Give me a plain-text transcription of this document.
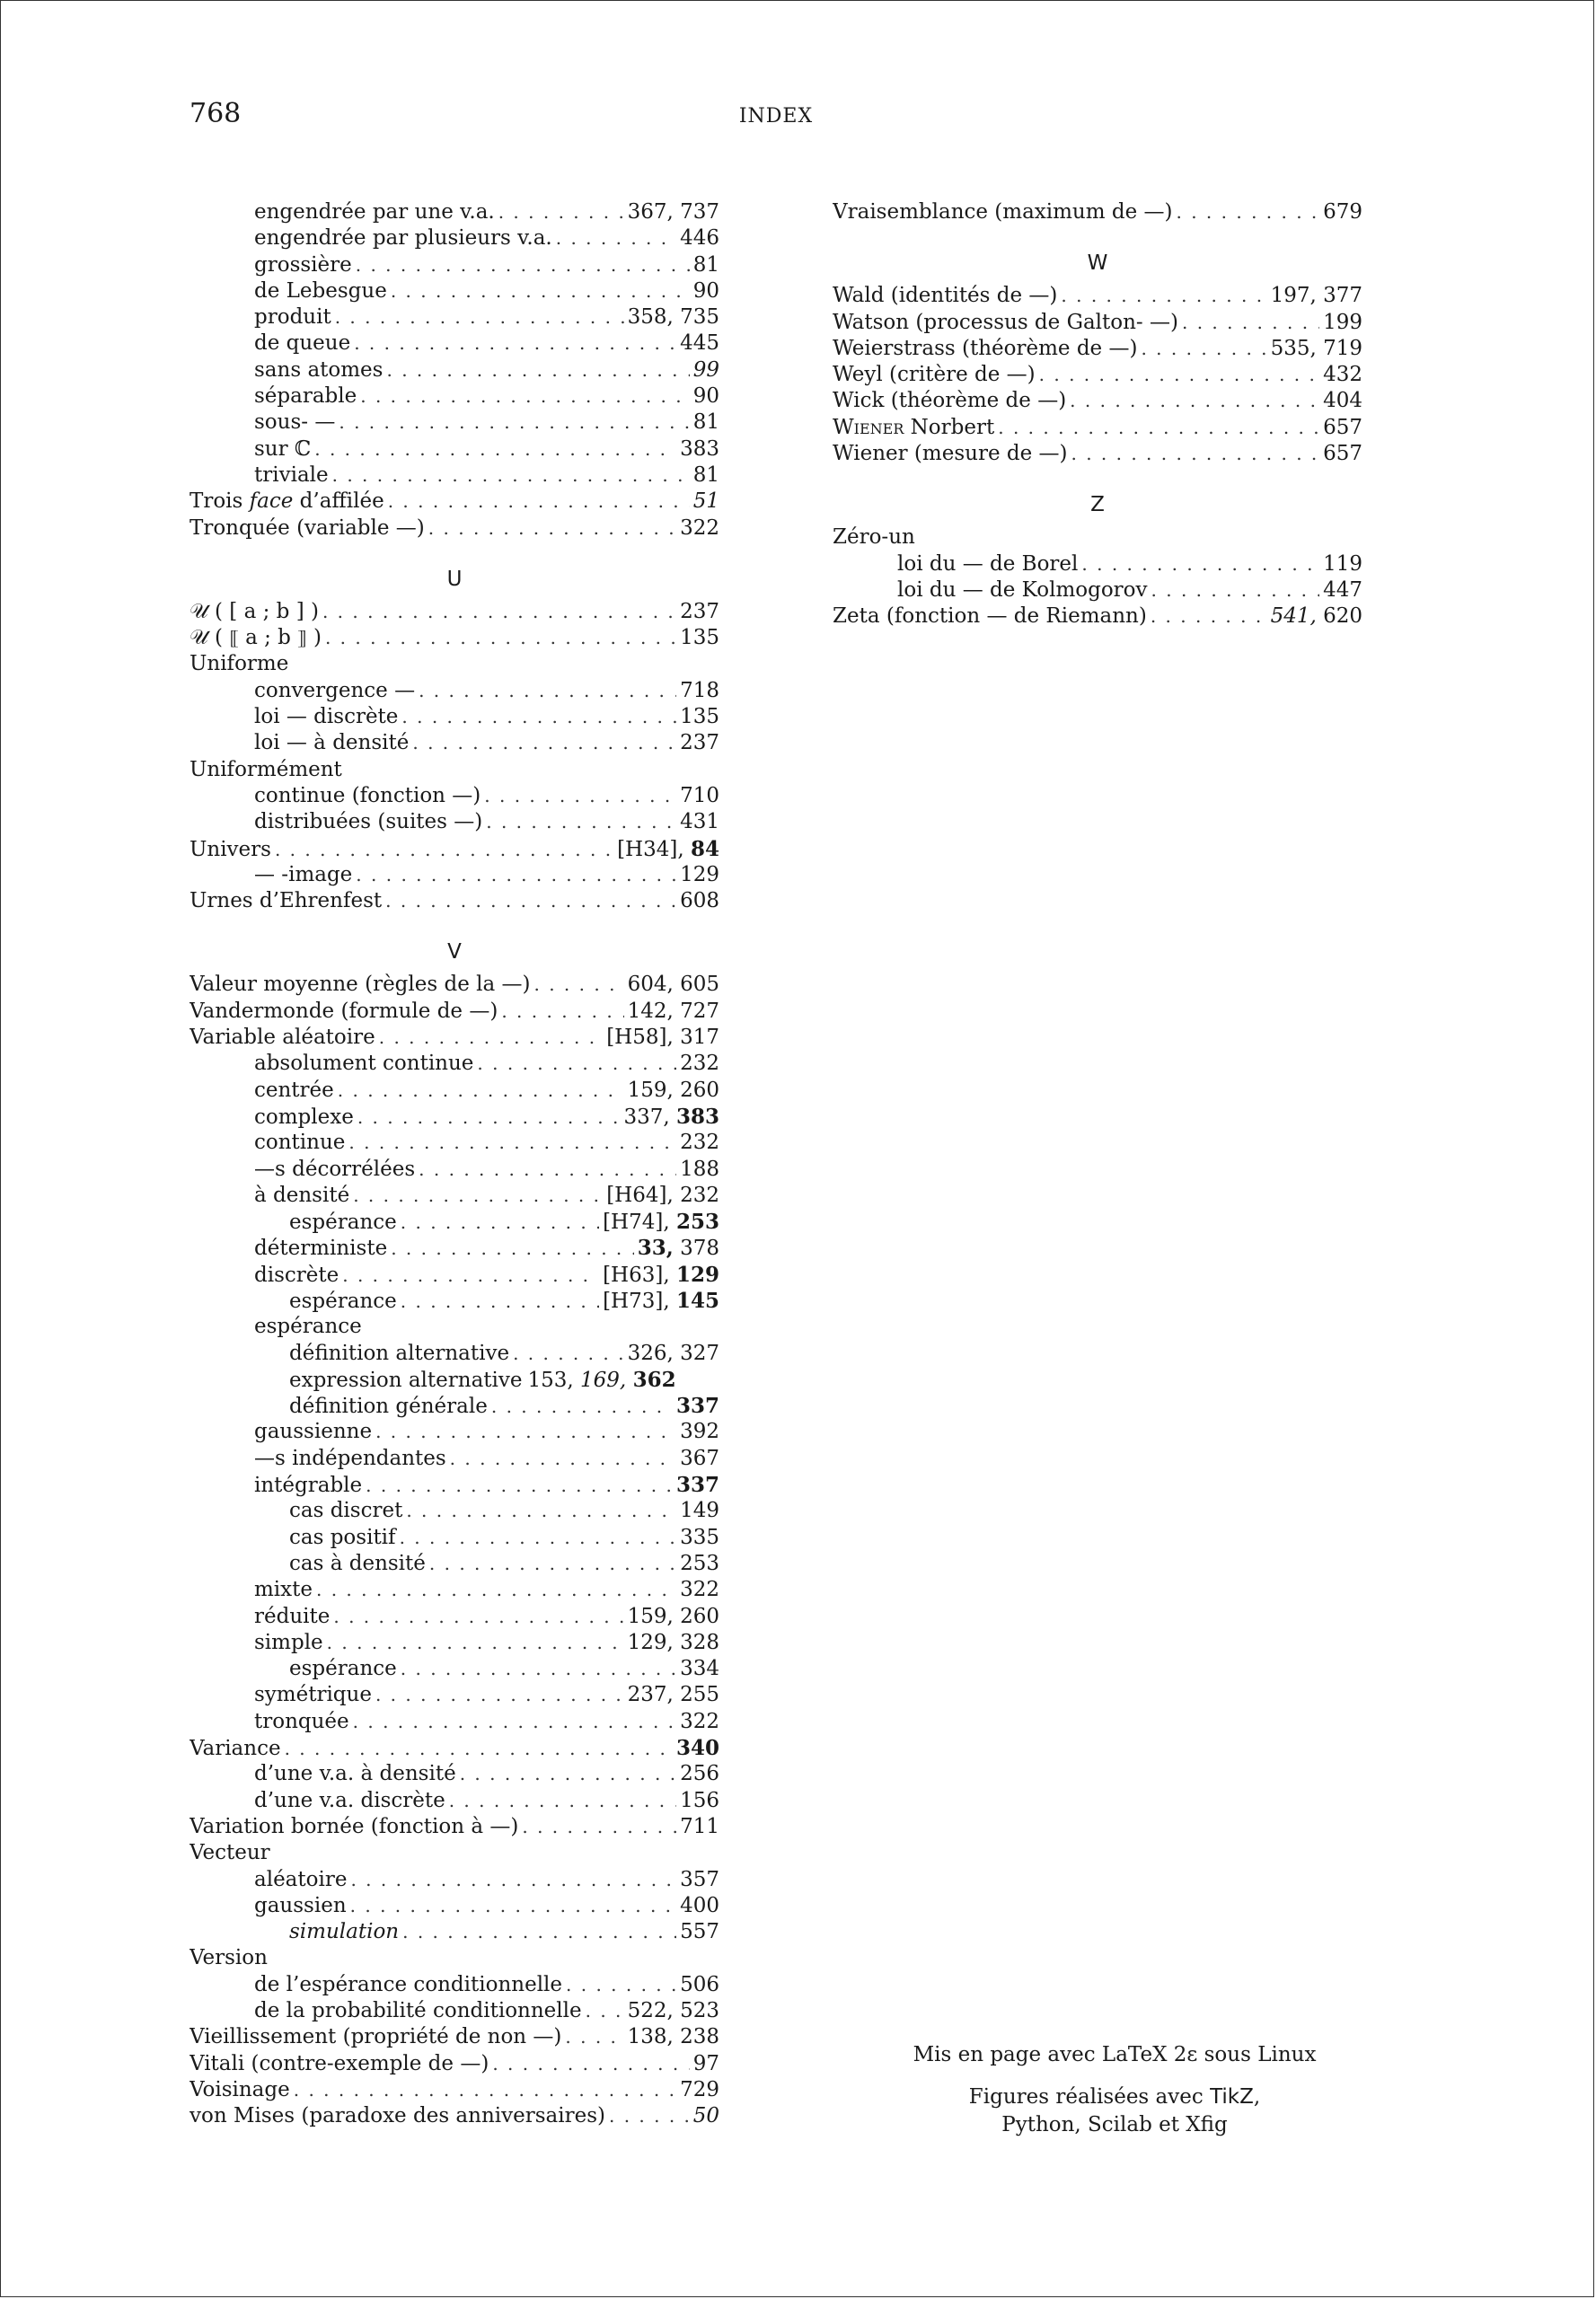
768	INDEX
engendrée par une v.a. . . .	367, 737
engendrée par plusieurs v.a. . . .	446
grossière . . .	81
de Lebesgue . . .	90
produit . . .	358, 735
de queue . . .	445
sans atomes . . .	99
séparable . . .	90
sous- — . . .	81
sur ℂ . . .	383
triviale . . .	81
Trois face d’affilée . . .	51
Tronquée (variable —) . . .	322
U
𝒰 ( [ a ; b ] ) . . .	237
𝒰 ( ⟦ a ; b ⟧ ) . . .	135
Uniforme
convergence — . . .	718
loi — discrète . . .	135
loi — à densité . . .	237
Uniformément
continue (fonction —) . . .	710
distribuées (suites —) . . .	431
Univers . . .	[H34], 84
— -image . . .	129
Urnes d’Ehrenfest . . .	608
V
Valeur moyenne (règles de la —) . . .	604, 605
Vandermonde (formule de —) . . .	142, 727
Variable aléatoire . . .	[H58], 317
absolument continue . . .	232
centrée . . .	159, 260
complexe . . .	337, 383
continue . . .	232
—s décorrélées . . .	188
à densité . . .	[H64], 232
espérance . . .	[H74], 253
déterministe . . .	33, 378
discrète . . .	[H63], 129
espérance . . .	[H73], 145
espérance
définition alternative . . .	326, 327
expression alternative 153, 169, 362
définition générale . . .	337
gaussienne . . .	392
—s indépendantes . . .	367
intégrable . . .	337
cas discret . . .	149
cas positif . . .	335
cas à densité . . .	253
mixte . . .	322
réduite . . .	159, 260
simple . . .	129, 328
espérance . . .	334
symétrique . . .	237, 255
tronquée . . .	322
Variance . . .	340
d’une v.a. à densité . . .	256
d’une v.a. discrète . . .	156
Variation bornée (fonction à —) . . .	711
Vecteur
aléatoire . . .	357
gaussien . . .	400
simulation . . .	557
Version
de l’espérance conditionnelle . . .	506
de la probabilité conditionnelle . . . 522, 523
Vieillissement (propriété de non —) . . .	138, 238
Vitali (contre-exemple de —) . . .	97
Voisinage . . .	729
von Mises (paradoxe des anniversaires) . . .	50
Vraisemblance (maximum de —) . . .	679
W
Wald (identités de —) . . .	197, 377
Watson (processus de Galton- —) . . .	199
Weierstrass (théorème de —) . . .	535, 719
Weyl (critère de —) . . .	432
Wick (théorème de —) . . .	404
Wiener Norbert . . .	657
Wiener (mesure de —) . . .	657
Z
Zéro-un
loi du — de Borel . . .	119
loi du — de Kolmogorov . . .	447
Zeta (fonction — de Riemann) . . .	541, 620
Mis en page avec LaTeX 2ε sous Linux
Figures réalisées avec TikZ,
Python, Scilab et Xfig
